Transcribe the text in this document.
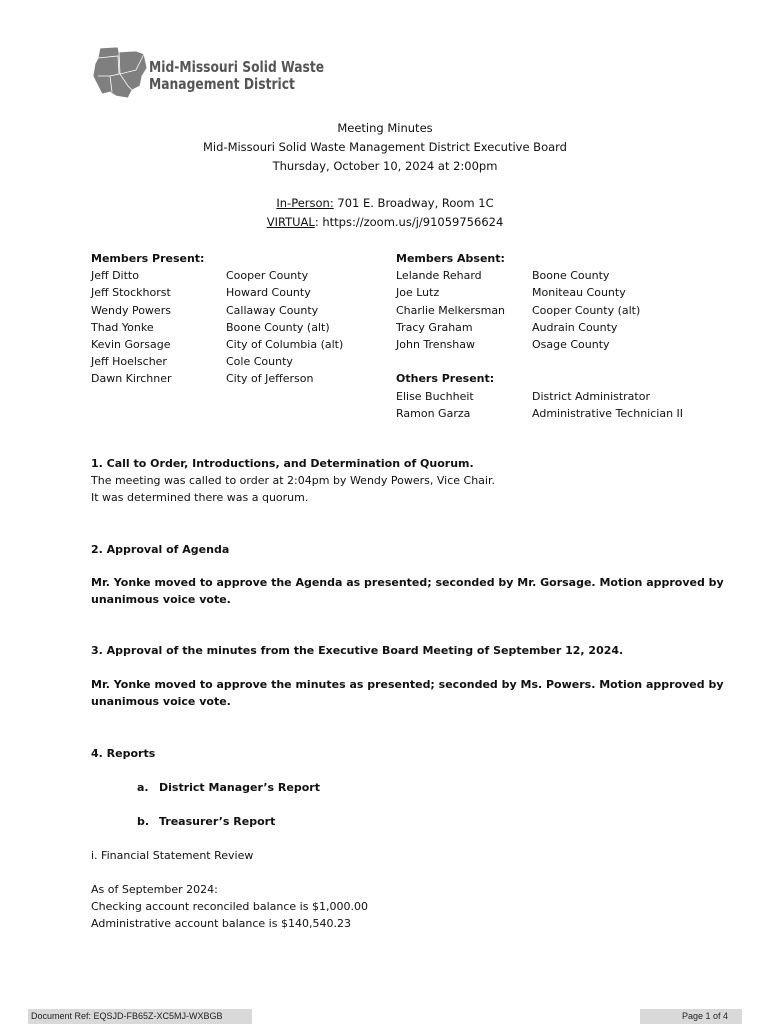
Mid-Missouri Solid Waste
Management District
Meeting Minutes
Mid-Missouri Solid Waste Management District Executive Board
Thursday, October 10, 2024 at 2:00pm
In-Person: 701 E. Broadway, Room 1C
VIRTUAL: https://zoom.us/j/91059756624
Members Present:
Jeff Ditto
Jeff Stockhorst
Wendy Powers
Thad Yonke
Kevin Gorsage
Jeff Hoelscher
Dawn Kirchner
Cooper County
Howard County
Callaway County
Boone County (alt)
City of Columbia (alt)
Cole County
City of Jefferson
Members Absent:
Lelande Rehard
Joe Lutz
Charlie Melkersman
Tracy Graham
John Trenshaw
Others Present:
Elise Buchheit
Ramon Garza
Boone County
Moniteau County
Cooper County (alt)
Audrain County
Osage County
District Administrator
Administrative Technician II
1. Call to Order, Introductions, and Determination of Quorum.
The meeting was called to order at 2:04pm by Wendy Powers, Vice Chair.
It was determined there was a quorum.
2. Approval of Agenda
Mr. Yonke moved to approve the Agenda as presented; seconded by Mr. Gorsage. Motion approved by
unanimous voice vote.
3. Approval of the minutes from the Executive Board Meeting of September 12, 2024.
Mr. Yonke moved to approve the minutes as presented; seconded by Ms. Powers. Motion approved by
unanimous voice vote.
4. Reports
a. District Manager’s Report
b. Treasurer’s Report
i. Financial Statement Review
As of September 2024:
Checking account reconciled balance is $1,000.00
Administrative account balance is $140,540.23
Document Ref: EQSJD-FB65Z-XC5MJ-WXBGB	Page 1 of 4
